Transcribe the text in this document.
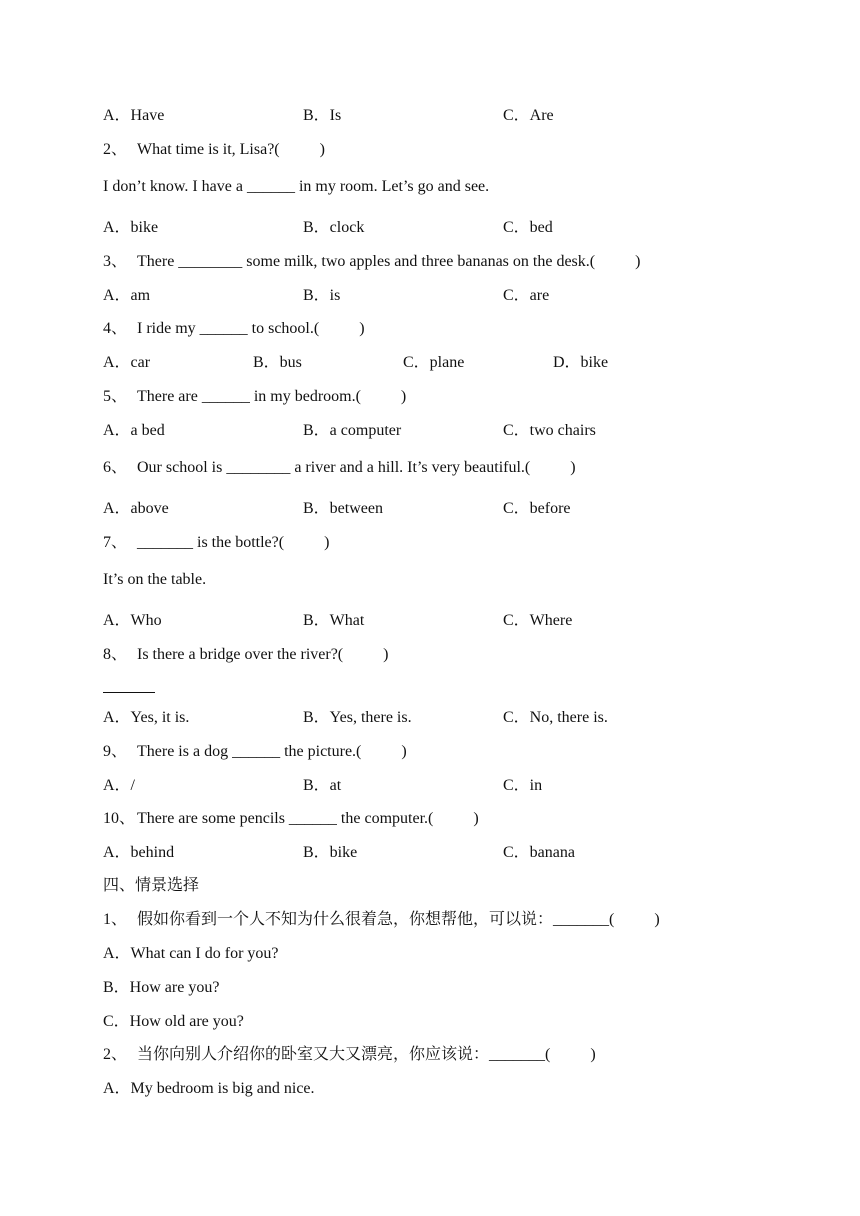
A．Have	B．Is	C．Are
2、 What time is it, Lisa?(          )
I don’t know. I have a ______ in my room. Let’s go and see.
A．bike	B．clock	C．bed
3、 There ________ some milk, two apples and three bananas on the desk.(          )
A．am	B．is	C．are
4、 I ride my ______ to school.(          )
A．car	B．bus	C．plane	D．bike
5、 There are ______ in my bedroom.(          )
A．a bed	B．a computer	C．two chairs
6、 Our school is ________ a river and a hill. It’s very beautiful.(          )
A．above	B．between	C．before
7、 _______ is the bottle?(          )
It’s on the table.
A．Who	B．What	C．Where
8、 Is there a bridge over the river?(          )
A．Yes, it is.	B．Yes, there is.	C．No, there is.
9、 There is a dog ______ the picture.(          )
A．/	B．at	C．in
10、 There are some pencils ______ the computer.(          )
A．behind	B．bike	C．banana
四、情景选择
1、 假如你看到一个人不知为什么很着急，你想帮他，可以说：_______(          )
A．What can I do for you?
B．How are you?
C．How old are you?
2、 当你向别人介绍你的卧室又大又漂亮，你应该说：_______(          )
A．My bedroom is big and nice.
